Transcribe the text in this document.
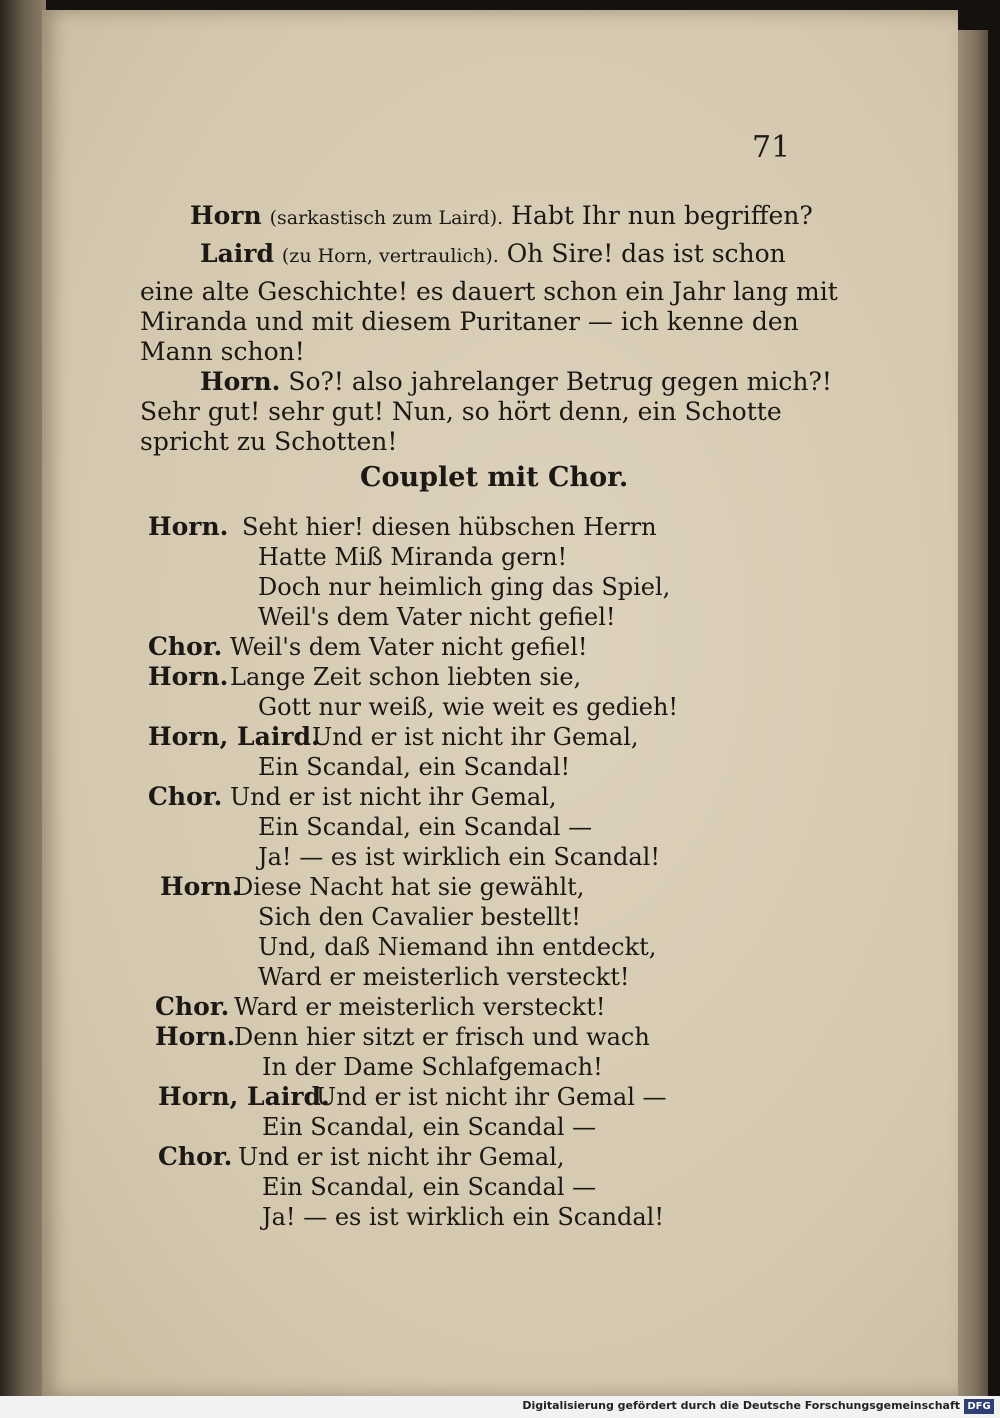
71
Horn (sarkastisch zum Laird). Habt Ihr nun begriffen?
Laird (zu Horn, vertraulich). Oh Sire! das ist schon
eine alte Geschichte! es dauert schon ein Jahr lang mit
Miranda und mit diesem Puritaner — ich kenne den
Mann schon!
Horn. So?! also jahrelanger Betrug gegen mich?!
Sehr gut! sehr gut! Nun, so hört denn, ein Schotte
spricht zu Schotten!
Couplet mit Chor.
Horn. Seht hier! diesen hübschen Herrn
Hatte Miß Miranda gern!
Doch nur heimlich ging das Spiel,
Weil's dem Vater nicht gefiel!
Chor. Weil's dem Vater nicht gefiel!
Horn. Lange Zeit schon liebten sie,
Gott nur weiß, wie weit es gedieh!
Horn, Laird.
Und er ist nicht ihr Gemal,
Ein Scandal, ein Scandal!
Chor. Und er ist nicht ihr Gemal,
Ein Scandal, ein Scandal —
Ja! — es ist wirklich ein Scandal!
Horn.
Diese Nacht hat sie gewählt,
Sich den Cavalier bestellt!
Und, daß Niemand ihn entdeckt,
Ward er meisterlich versteckt!
Chor. Ward er meisterlich versteckt!
Horn.
Denn hier sitzt er frisch und wach
In der Dame Schlafgemach!
Horn, Laird.
Und er ist nicht ihr Gemal —
Ein Scandal, ein Scandal —
Chor. Und er ist nicht ihr Gemal,
Ein Scandal, ein Scandal —
Ja! — es ist wirklich ein Scandal!
Digitalisierung gefördert durch die Deutsche Forschungsgemeinschaft DFG
